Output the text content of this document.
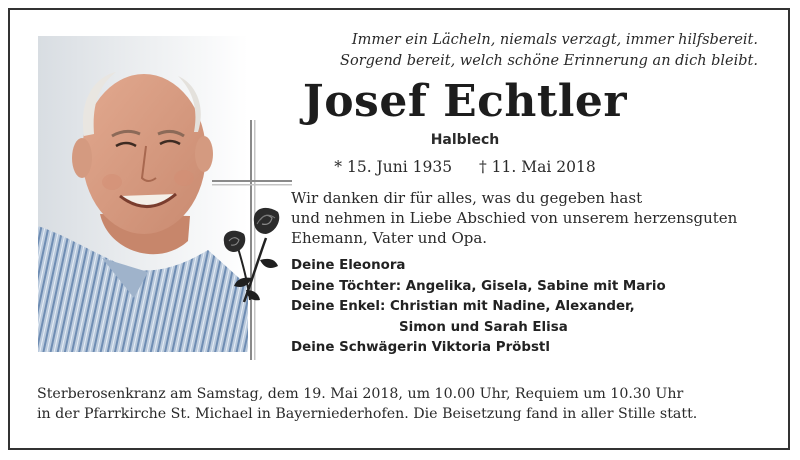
Immer ein Lächeln, niemals verzagt, immer hilfsbereit.
Sorgend bereit, welch schöne Erinnerung an dich bleibt.
Josef Echtler
Halblech
* 15. Juni 1935 † 11. Mai 2018
Wir danken dir für alles, was du gegeben hast
und nehmen in Liebe Abschied von unserem herzensguten
Ehemann, Vater und Opa.
Deine Eleonora
Deine Töchter: Angelika, Gisela, Sabine mit Mario
Deine Enkel: Christian mit Nadine, Alexander,
Simon und Sarah Elisa
Deine Schwägerin Viktoria Pröbstl
Sterberosenkranz am Samstag, dem 19. Mai 2018, um 10.00 Uhr, Requiem um 10.30 Uhr
in der Pfarrkirche St. Michael in Bayerniederhofen. Die Beisetzung fand in aller Stille statt.
